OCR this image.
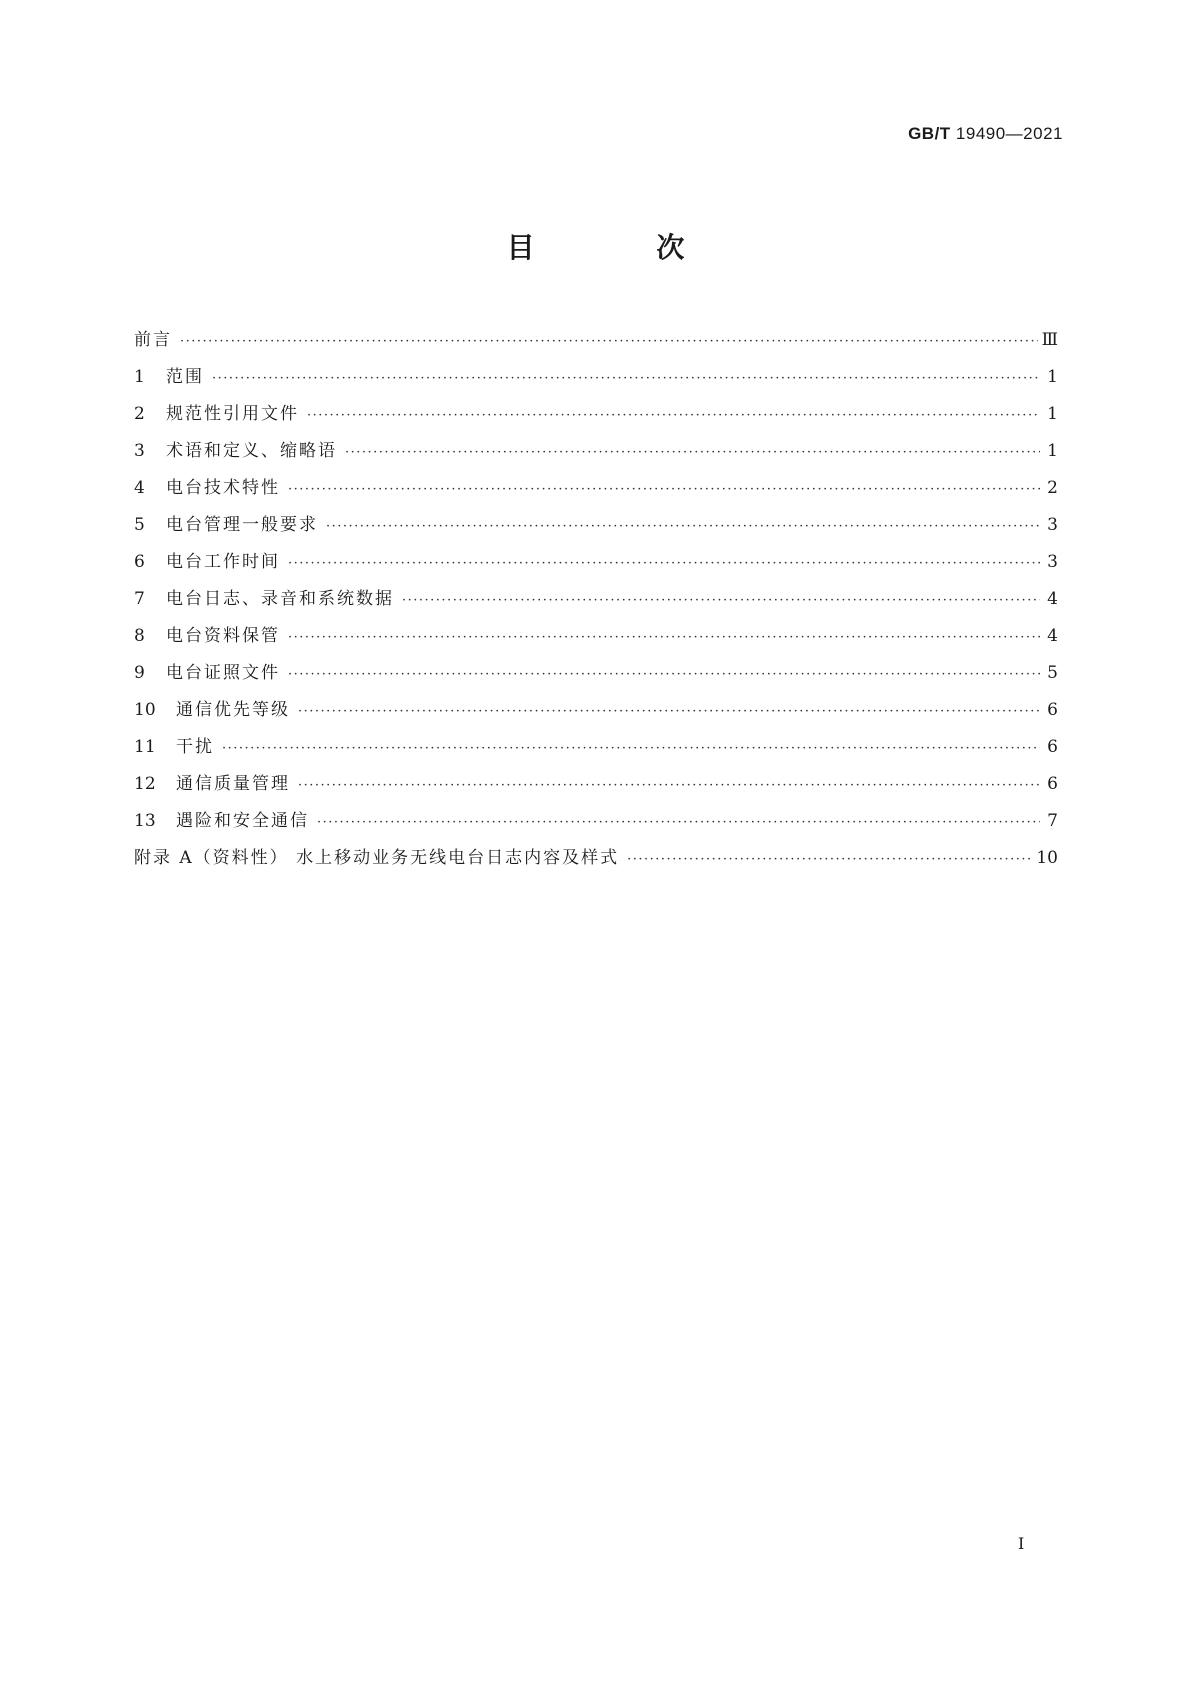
GB/T 19490—2021
目 次
前言 ·····	Ⅲ
1	范围 ·····	1
2	规范性引用文件 ·····	1
3	术语和定义、缩略语 ·····	1
4	电台技术特性 ·····	2
5	电台管理一般要求 ·····	3
6	电台工作时间 ·····	3
7	电台日志、录音和系统数据 ·····	4
8	电台资料保管 ·····	4
9	电台证照文件 ·····	5
10	通信优先等级 ·····	6
11	干扰 ·····	6
12	通信质量管理 ·····	6
13	遇险和安全通信 ·····	7
附录 A（资料性） 水上移动业务无线电台日志内容及样式 ·····	10
I
